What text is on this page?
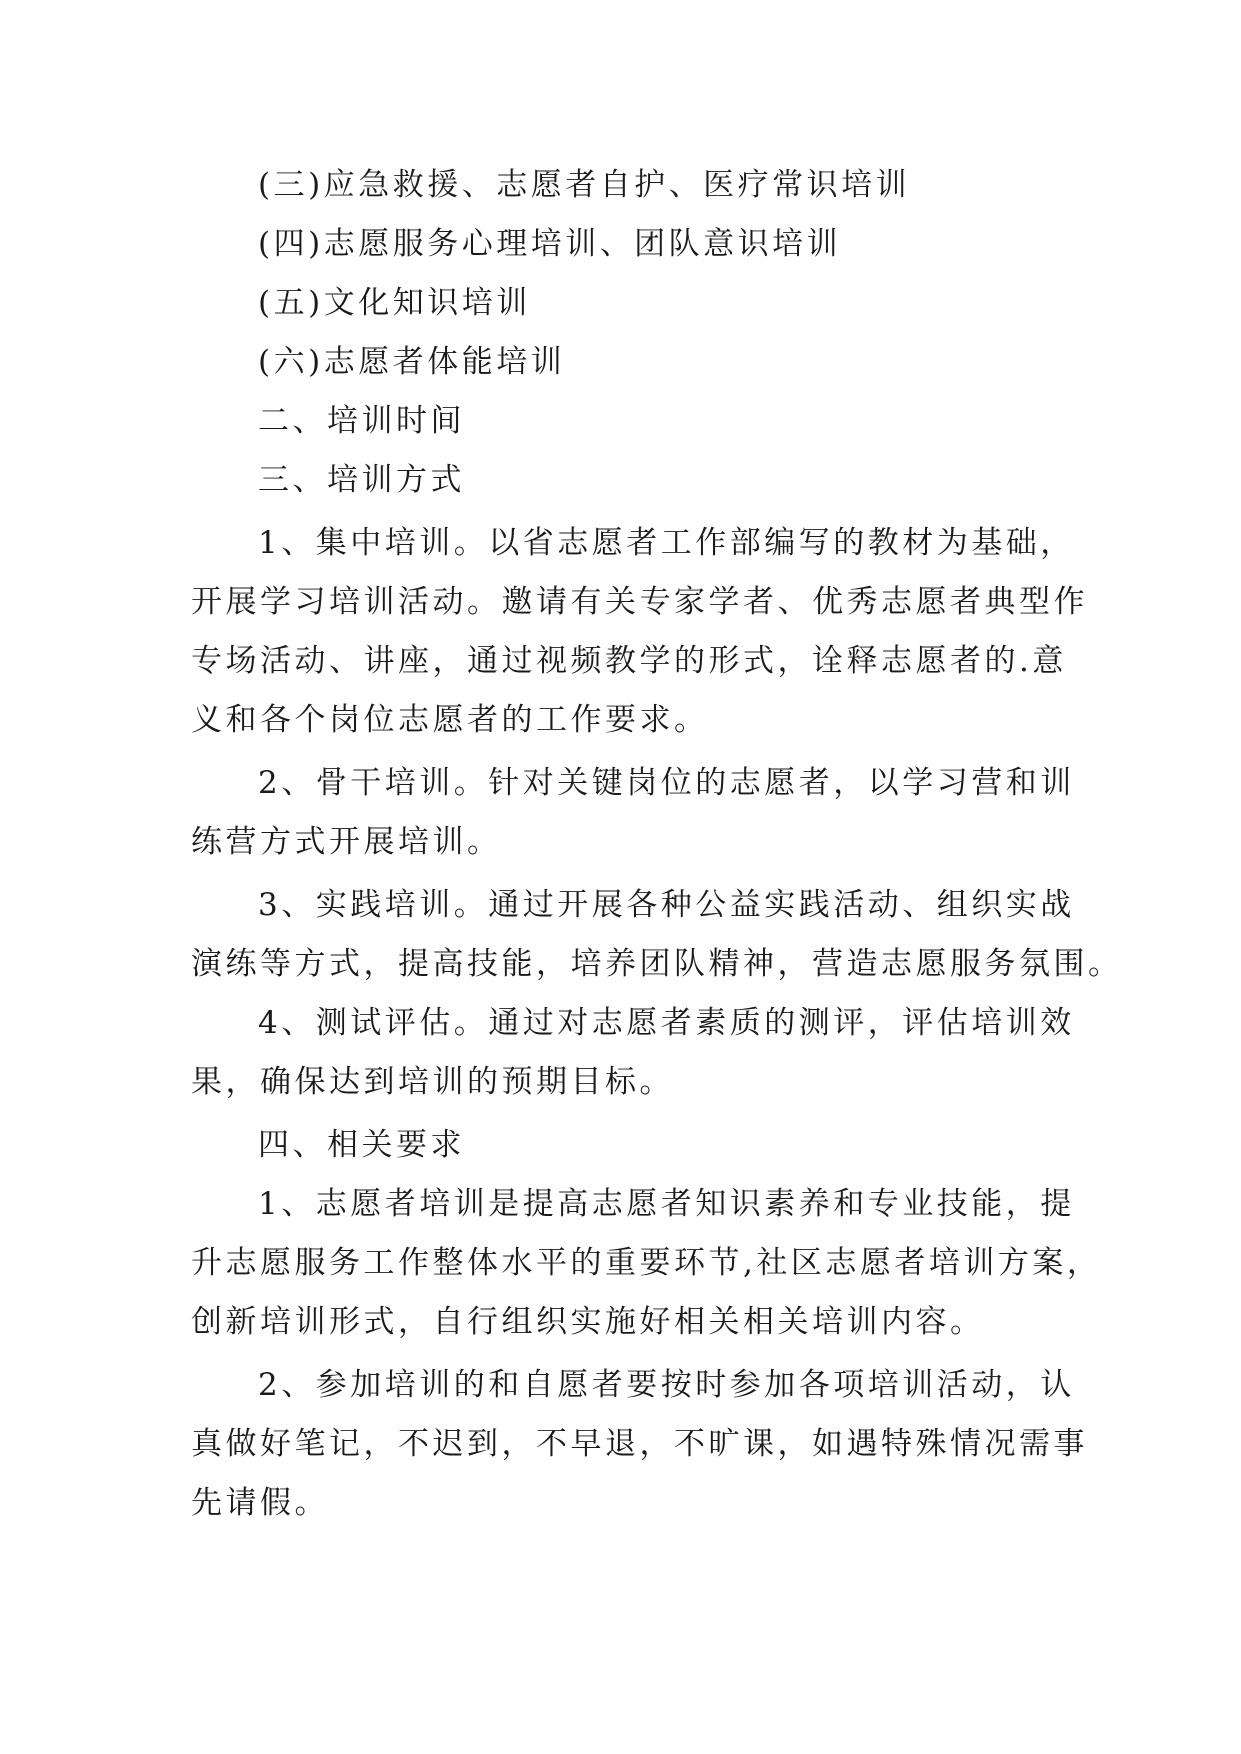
(三)应急救援、志愿者自护、医疗常识培训
(四)志愿服务心理培训、团队意识培训
(五)文化知识培训
(六)志愿者体能培训
二、培训时间
三、培训方式
1、集中培训。以省志愿者工作部编写的教材为基础，
开展学习培训活动。邀请有关专家学者、优秀志愿者典型作
专场活动、讲座，通过视频教学的形式，诠释志愿者的.意
义和各个岗位志愿者的工作要求。
2、骨干培训。针对关键岗位的志愿者，以学习营和训
练营方式开展培训。
3、实践培训。通过开展各种公益实践活动、组织实战
演练等方式，提高技能，培养团队精神，营造志愿服务氛围。
4、测试评估。通过对志愿者素质的测评，评估培训效
果，确保达到培训的预期目标。
四、相关要求
1、志愿者培训是提高志愿者知识素养和专业技能，提
升志愿服务工作整体水平的重要环节,社区志愿者培训方案，
创新培训形式，自行组织实施好相关相关培训内容。
2、参加培训的和自愿者要按时参加各项培训活动，认
真做好笔记，不迟到，不早退，不旷课，如遇特殊情况需事
先请假。
